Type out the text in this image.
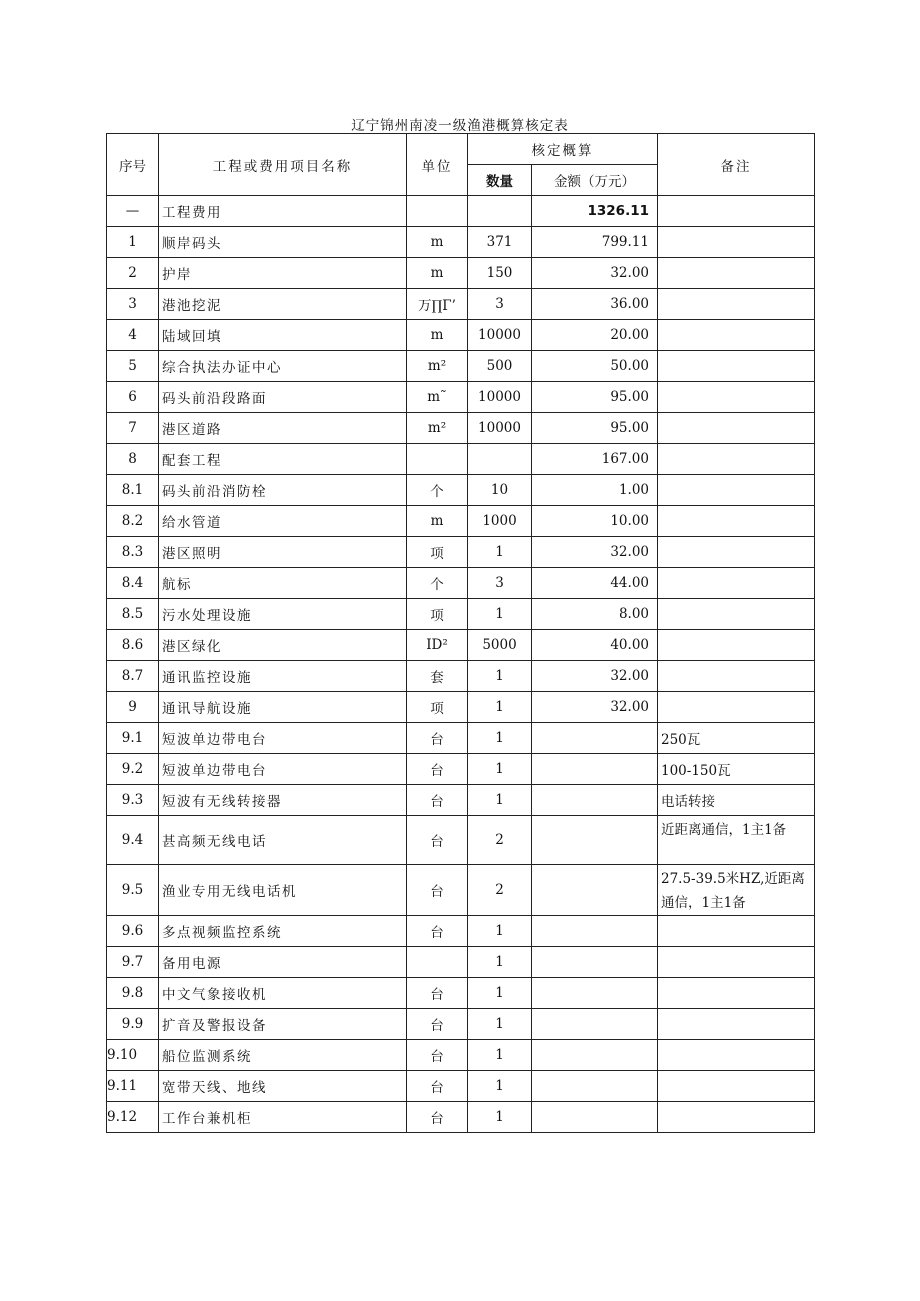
辽宁锦州南凌一级渔港概算核定表
序号	工程或费用项目名称	单位	核定概算		备注
			数量	金额（万元）	
—	工程费用			1326.11	
1	顺岸码头	m	371	799.11	
2	护岸	m	150	32.00	
3	港池挖泥	万∏Γ’	3	36.00	
4	陆域回填	m	10000	20.00	
5	综合执法办证中心	m²	500	50.00	
6	码头前沿段路面	m˜	10000	95.00	
7	港区道路	m²	10000	95.00	
8	配套工程			167.00	
8.1	码头前沿消防栓	个	10	1.00	
8.2	给水管道	m	1000	10.00	
8.3	港区照明	项	1	32.00	
8.4	航标	个	3	44.00	
8.5	污水处理设施	项	1	8.00	
8.6	港区绿化	ID²	5000	40.00	
8.7	通讯监控设施	套	1	32.00	
9	通讯导航设施	项	1	32.00	
9.1	短波单边带电台	台	1		250瓦
9.2	短波单边带电台	台	1		100-150瓦
9.3	短波有无线转接器	台	1		电话转接
9.4	甚高频无线电话	台	2		近距离通信，1主1备
9.5	渔业专用无线电话机	台	2		27.5-39.5米HZ,近距离通信，1主1备
9.6	多点视频监控系统	台	1		
9.7	备用电源		1		
9.8	中文气象接收机	台	1		
9.9	扩音及警报设备	台	1		
9.10	船位监测系统	台	1		
9.11	宽带天线、地线	台	1		
9.12	工作台兼机柜	台	1		
